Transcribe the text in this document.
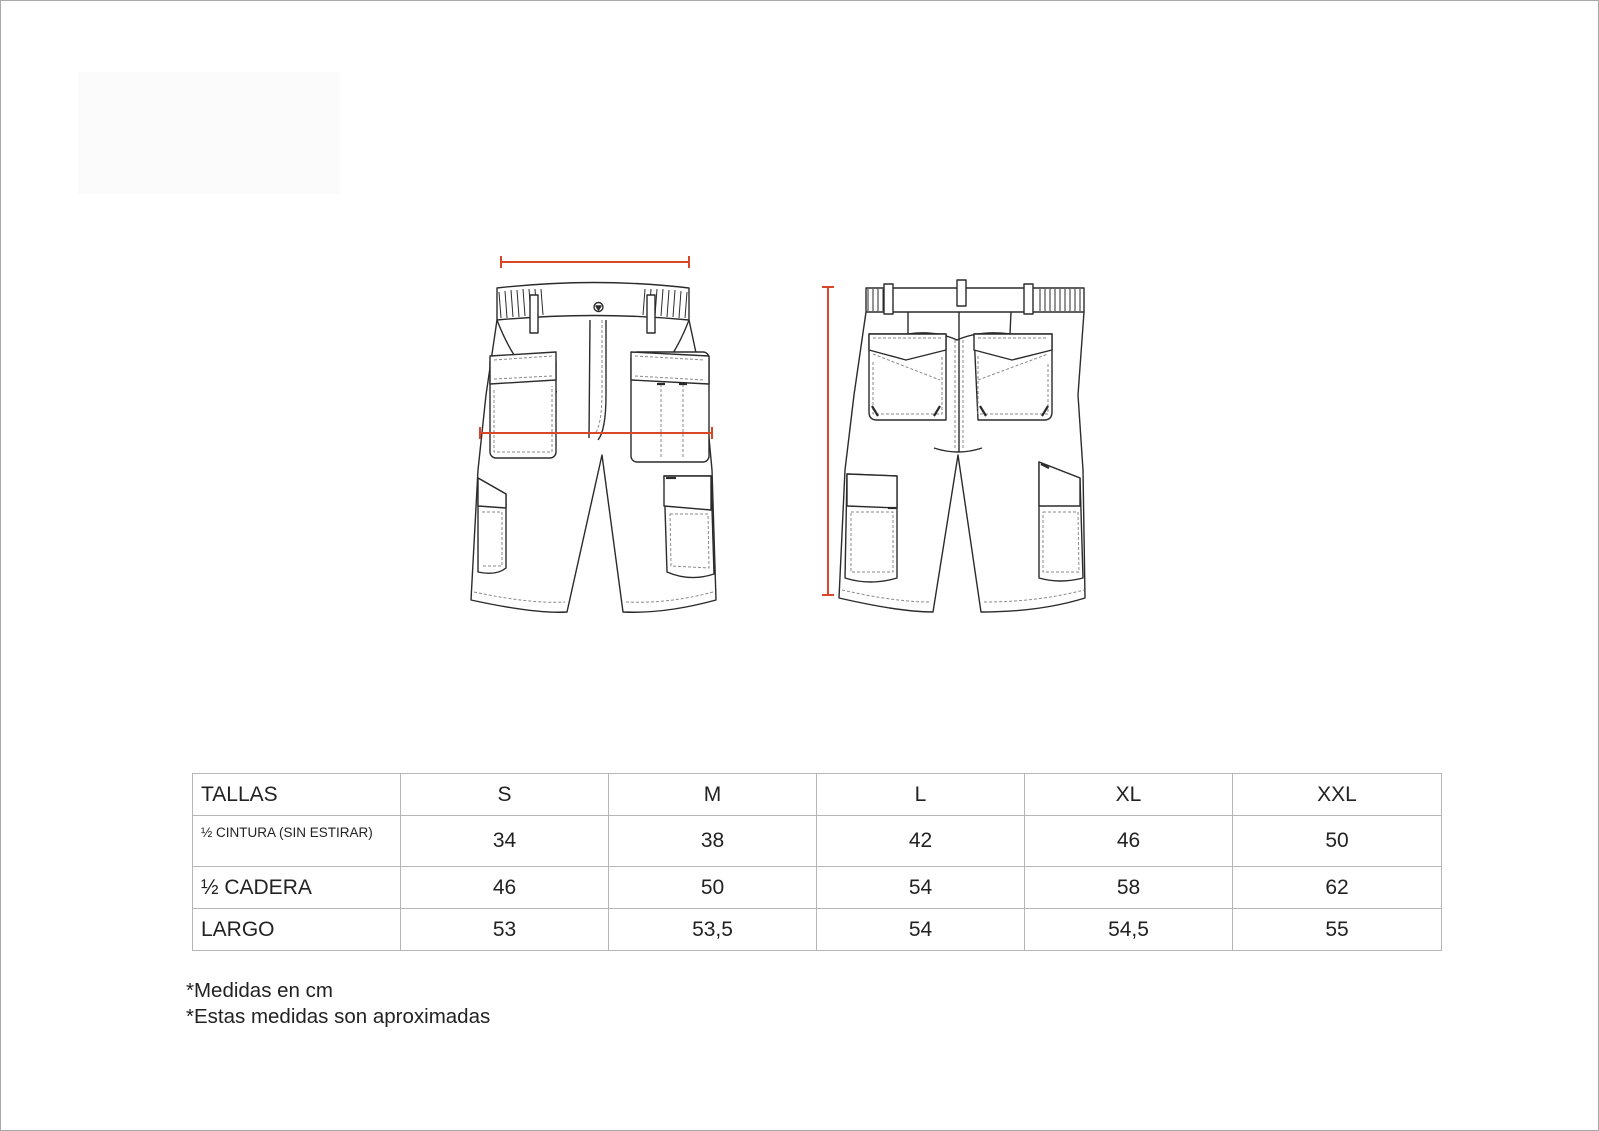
TALLAS	S	M	L	XL	XXL
½ CINTURA (SIN ESTIRAR)	34	38	42	46	50
½ CADERA	46	50	54	58	62
LARGO	53	53,5	54	54,5	55
*Medidas en cm
*Estas medidas son aproximadas
